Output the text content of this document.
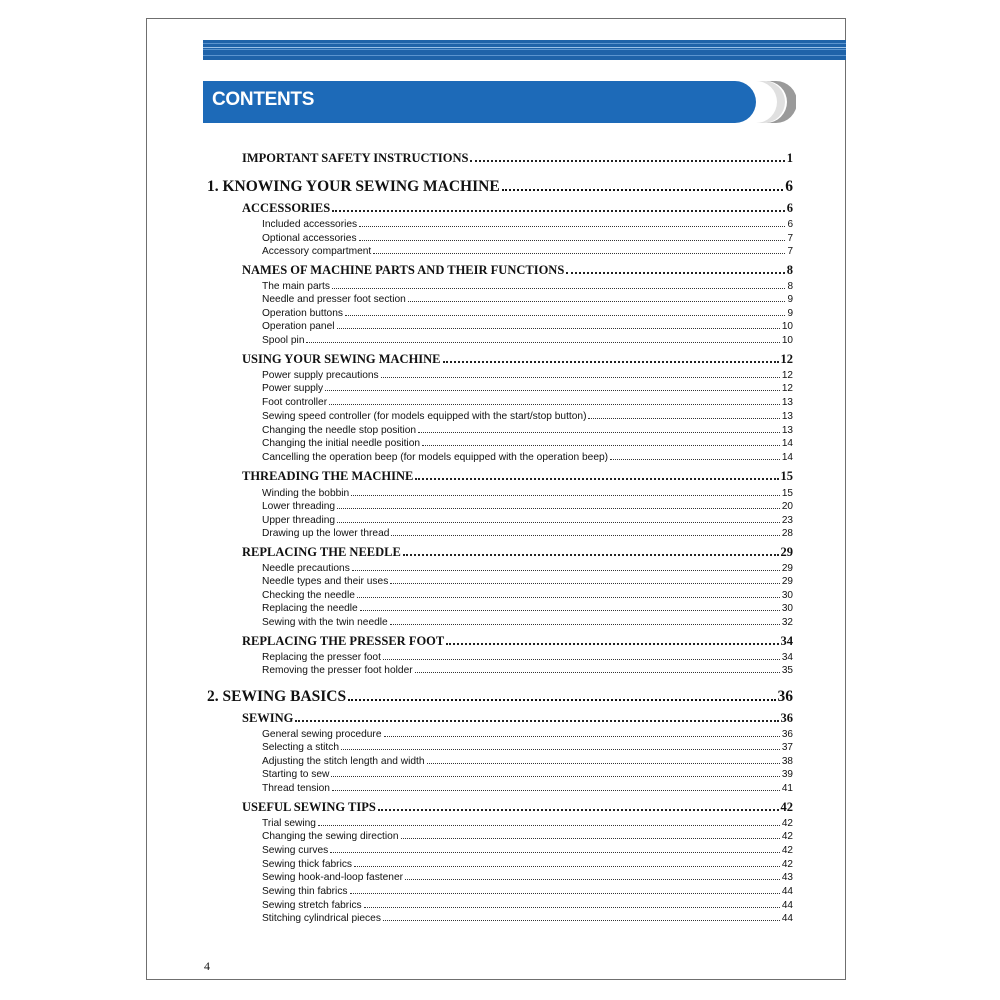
CONTENTS
IMPORTANT SAFETY INSTRUCTIONS	1
1. KNOWING YOUR SEWING MACHINE	6
ACCESSORIES	6
Included accessories	6
Optional accessories	7
Accessory compartment	7
NAMES OF MACHINE PARTS AND THEIR FUNCTIONS	8
The main parts	8
Needle and presser foot section	9
Operation buttons	9
Operation panel	10
Spool pin	10
USING YOUR SEWING MACHINE	12
Power supply precautions	12
Power supply	12
Foot controller	13
Sewing speed controller (for models equipped with the start/stop button)	13
Changing the needle stop position	13
Changing the initial needle position	14
Cancelling the operation beep (for models equipped with the operation beep)	14
THREADING THE MACHINE	15
Winding the bobbin	15
Lower threading	20
Upper threading	23
Drawing up the lower thread	28
REPLACING THE NEEDLE	29
Needle precautions	29
Needle types and their uses	29
Checking the needle	30
Replacing the needle	30
Sewing with the twin needle	32
REPLACING THE PRESSER FOOT	34
Replacing the presser foot	34
Removing the presser foot holder	35
2. SEWING BASICS	36
SEWING	36
General sewing procedure	36
Selecting a stitch	37
Adjusting the stitch length and width	38
Starting to sew	39
Thread tension	41
USEFUL SEWING TIPS	42
Trial sewing	42
Changing the sewing direction	42
Sewing curves	42
Sewing thick fabrics	42
Sewing hook-and-loop fastener	43
Sewing thin fabrics	44
Sewing stretch fabrics	44
Stitching cylindrical pieces	44
4
